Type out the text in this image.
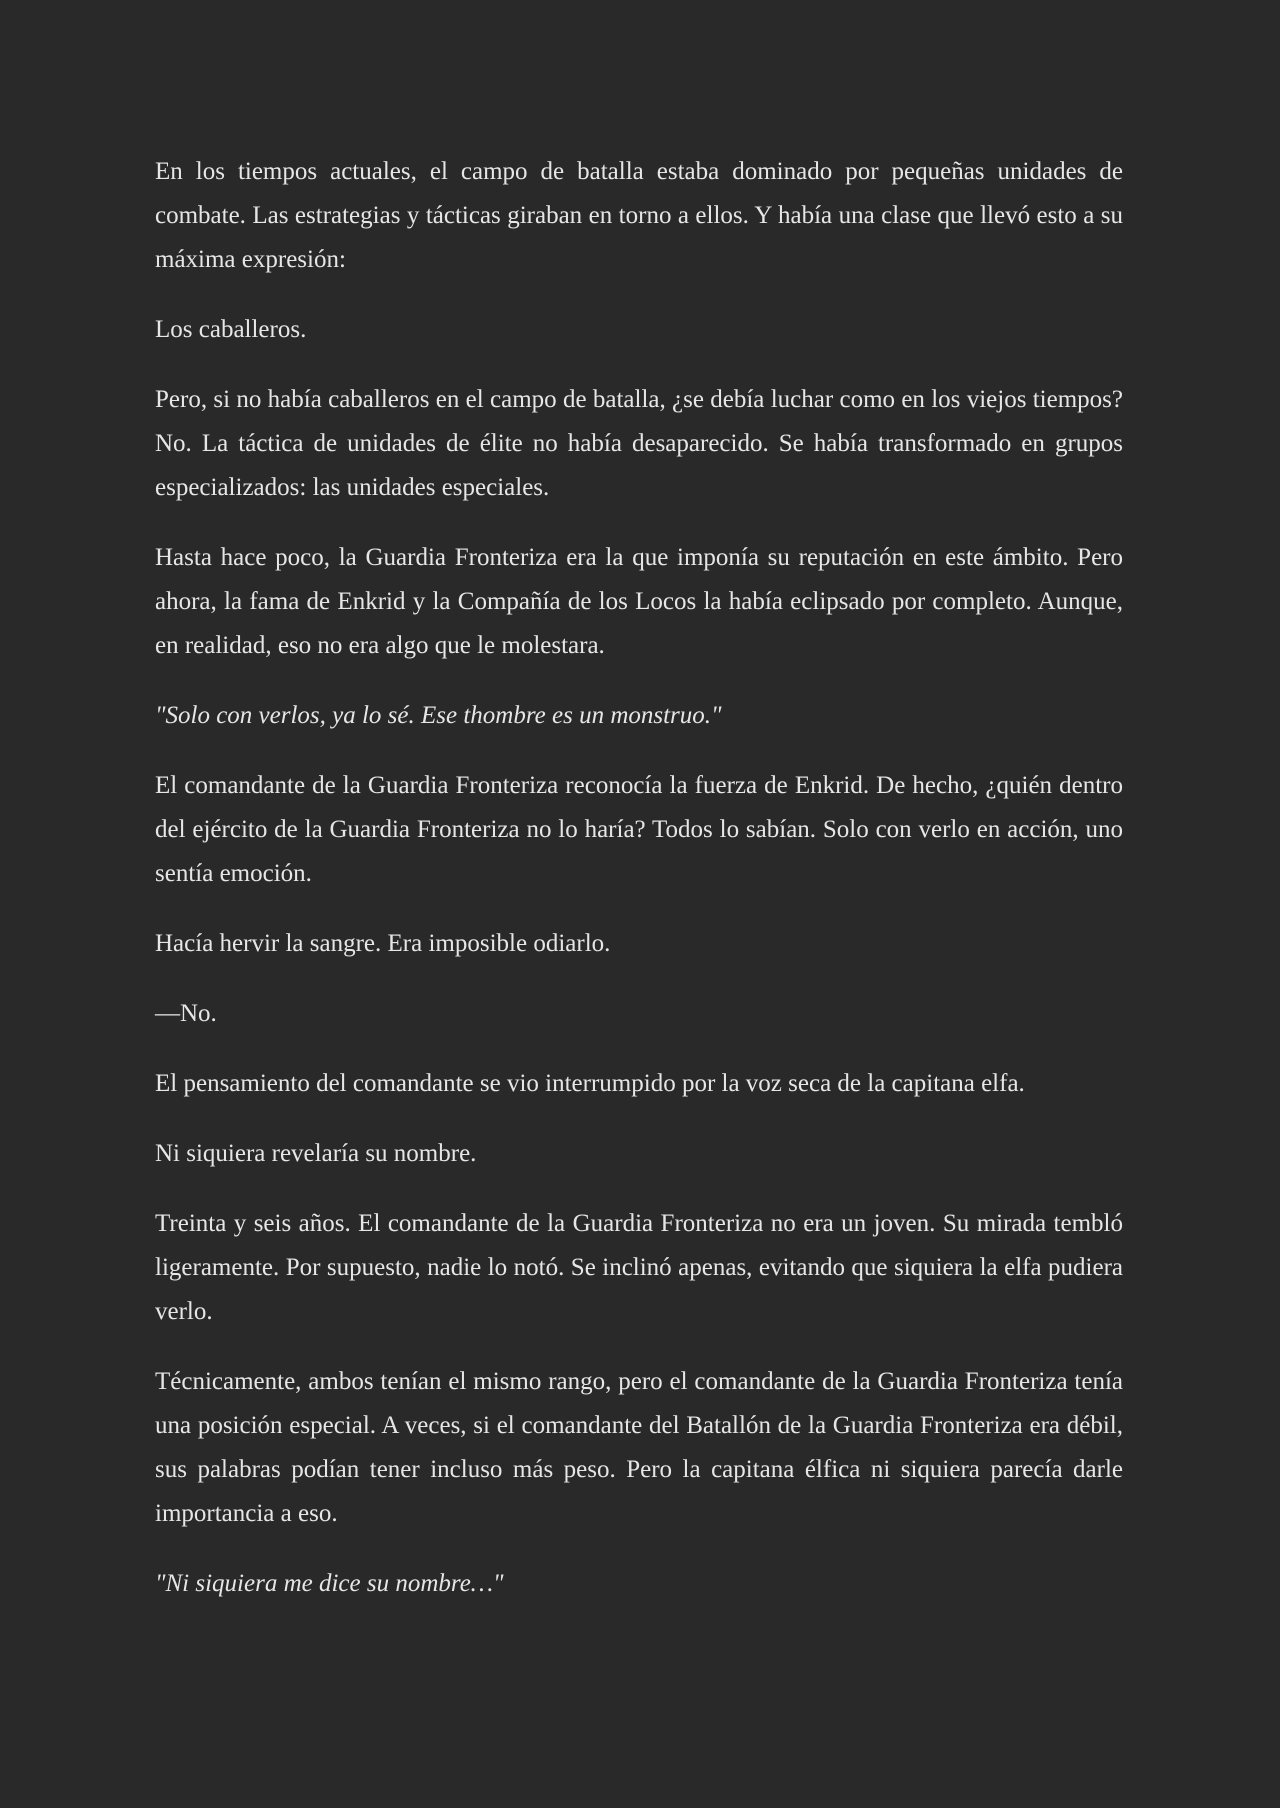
En los tiempos actuales, el campo de batalla estaba dominado por pequeñas unidades de combate. Las estrategias y tácticas giraban en torno a ellos. Y había una clase que llevó esto a su máxima expresión:

Los caballeros.

Pero, si no había caballeros en el campo de batalla, ¿se debía luchar como en los viejos tiempos? No. La táctica de unidades de élite no había desaparecido. Se había transformado en grupos especializados: las unidades especiales.

Hasta hace poco, la Guardia Fronteriza era la que imponía su reputación en este ámbito. Pero ahora, la fama de Enkrid y la Compañía de los Locos la había eclipsado por completo. Aunque, en realidad, eso no era algo que le molestara.

"Solo con verlos, ya lo sé. Ese thombre es un monstruo."

El comandante de la Guardia Fronteriza reconocía la fuerza de Enkrid. De hecho, ¿quién dentro del ejército de la Guardia Fronteriza no lo haría? Todos lo sabían. Solo con verlo en acción, uno sentía emoción.

Hacía hervir la sangre. Era imposible odiarlo.

—No.

El pensamiento del comandante se vio interrumpido por la voz seca de la capitana elfa.

Ni siquiera revelaría su nombre.

Treinta y seis años. El comandante de la Guardia Fronteriza no era un joven. Su mirada tembló ligeramente. Por supuesto, nadie lo notó. Se inclinó apenas, evitando que siquiera la elfa pudiera verlo.

Técnicamente, ambos tenían el mismo rango, pero el comandante de la Guardia Fronteriza tenía una posición especial. A veces, si el comandante del Batallón de la Guardia Fronteriza era débil, sus palabras podían tener incluso más peso. Pero la capitana élfica ni siquiera parecía darle importancia a eso.

"Ni siquiera me dice su nombre…"
